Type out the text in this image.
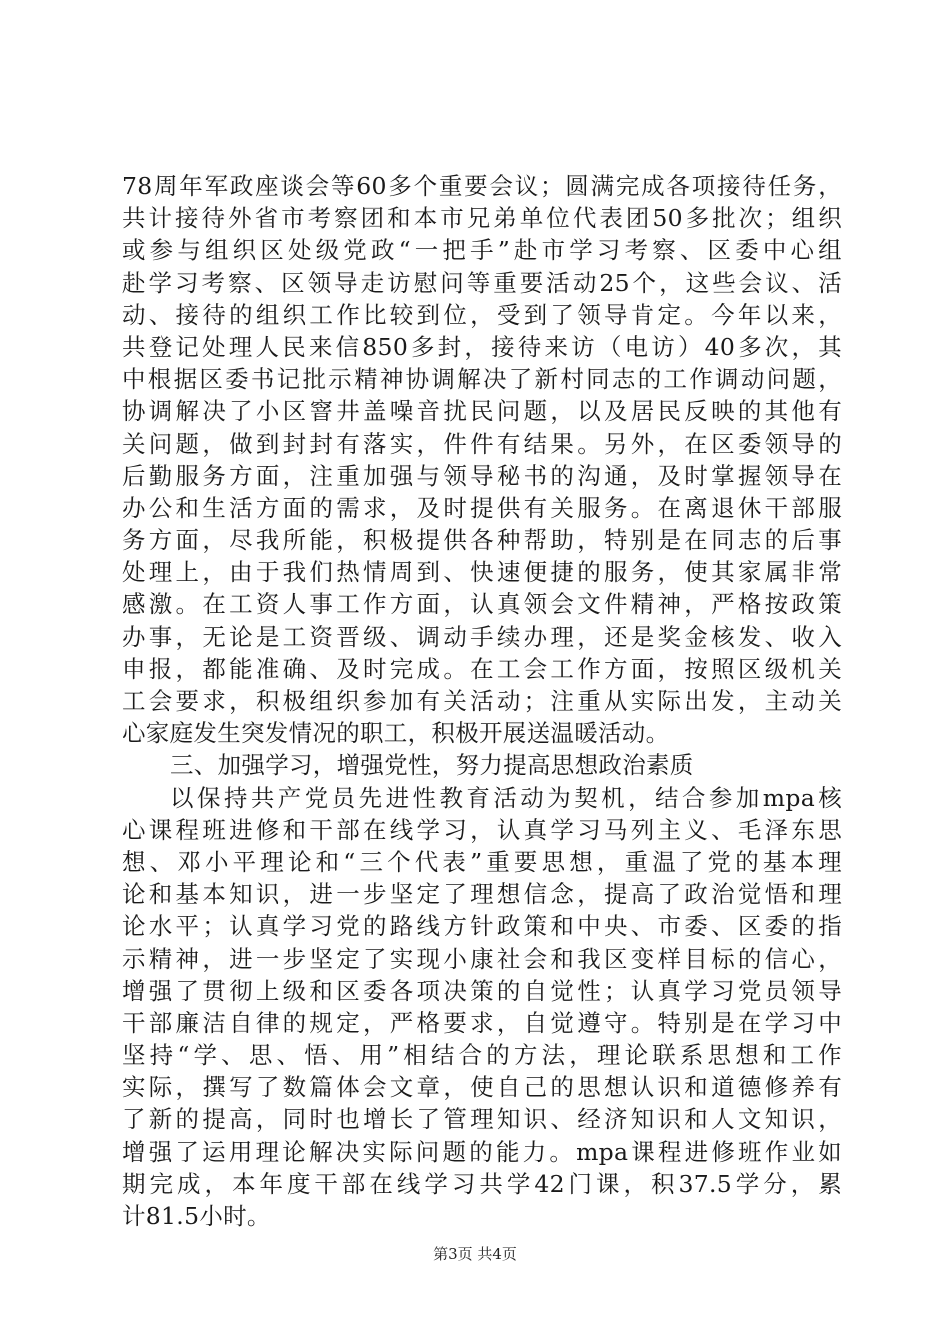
78周年军政座谈会等60多个重要会议；圆满完成各项接待任务，
共计接待外省市考察团和本市兄弟单位代表团50多批次；组织
或参与组织区处级党政“一把手”赴市学习考察、区委中心组
赴学习考察、区领导走访慰问等重要活动25个，这些会议、活
动、接待的组织工作比较到位，受到了领导肯定。今年以来，
共登记处理人民来信850多封，接待来访（电访）40多次，其
中根据区委书记批示精神协调解决了新村同志的工作调动问题，
协调解决了小区窨井盖噪音扰民问题，以及居民反映的其他有
关问题，做到封封有落实，件件有结果。另外，在区委领导的
后勤服务方面，注重加强与领导秘书的沟通，及时掌握领导在
办公和生活方面的需求，及时提供有关服务。在离退休干部服
务方面，尽我所能，积极提供各种帮助，特别是在同志的后事
处理上，由于我们热情周到、快速便捷的服务，使其家属非常
感激。在工资人事工作方面，认真领会文件精神，严格按政策
办事，无论是工资晋级、调动手续办理，还是奖金核发、收入
申报，都能准确、及时完成。在工会工作方面，按照区级机关
工会要求，积极组织参加有关活动；注重从实际出发，主动关
心家庭发生突发情况的职工，积极开展送温暖活动。
三、加强学习，增强党性，努力提高思想政治素质
以保持共产党员先进性教育活动为契机，结合参加mpa核
心课程班进修和干部在线学习，认真学习马列主义、毛泽东思
想、邓小平理论和“三个代表”重要思想，重温了党的基本理
论和基本知识，进一步坚定了理想信念，提高了政治觉悟和理
论水平；认真学习党的路线方针政策和中央、市委、区委的指
示精神，进一步坚定了实现小康社会和我区变样目标的信心，
增强了贯彻上级和区委各项决策的自觉性；认真学习党员领导
干部廉洁自律的规定，严格要求，自觉遵守。特别是在学习中
坚持“学、思、悟、用”相结合的方法，理论联系思想和工作
实际，撰写了数篇体会文章，使自己的思想认识和道德修养有
了新的提高，同时也增长了管理知识、经济知识和人文知识，
增强了运用理论解决实际问题的能力。mpa课程进修班作业如
期完成，本年度干部在线学习共学42门课，积37.5学分，累
计81.5小时。
第3页 共4页
